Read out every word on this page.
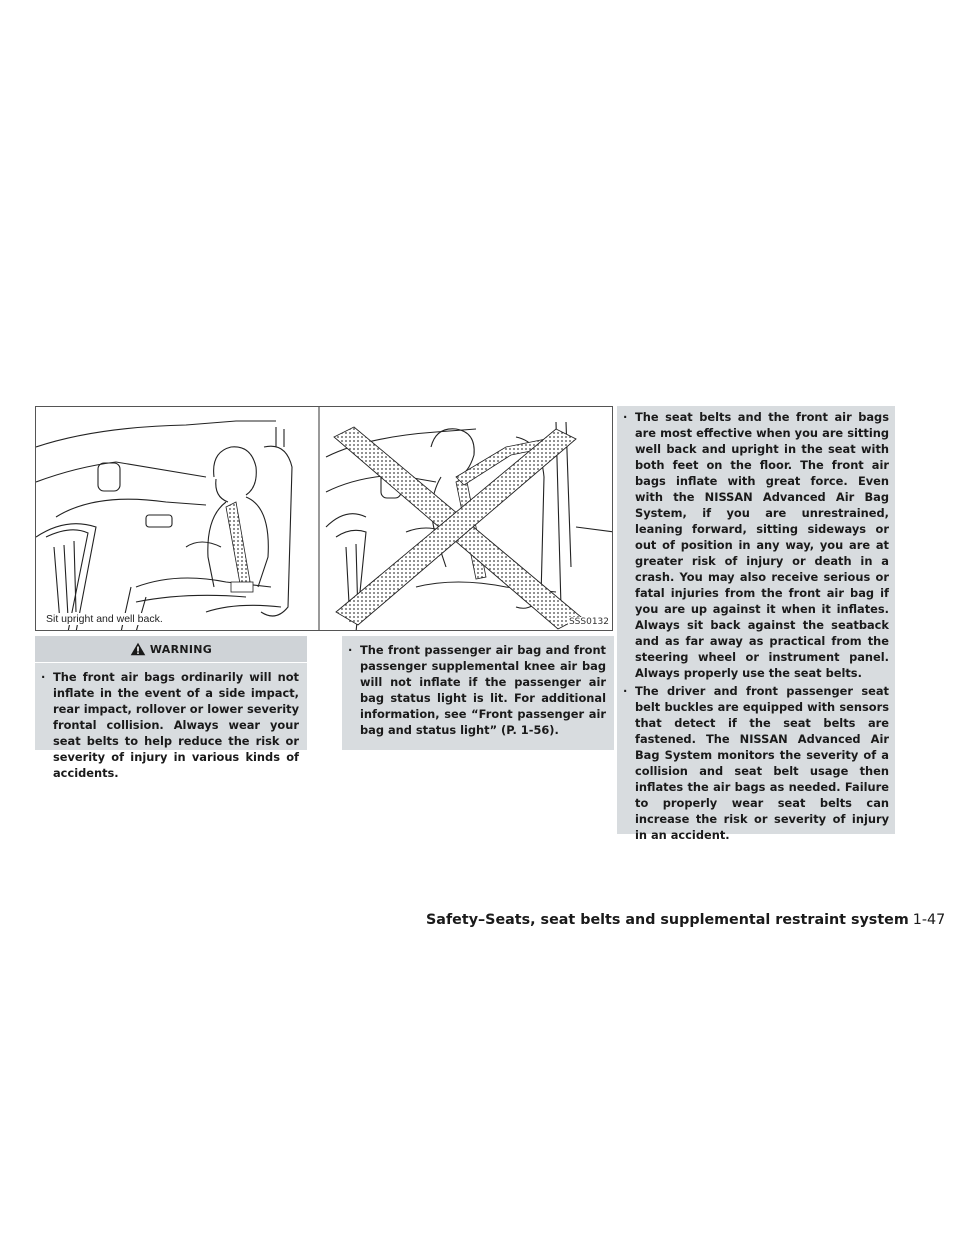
Sit upright and well back.	SSS0132
WARNING
· The front air bags ordinarily will not inflate in the event of a side impact, rear impact, rollover or lower severity frontal collision. Always wear your seat belts to help reduce the risk or severity of injury in various kinds of accidents.
· The front passenger air bag and front passenger supplemental knee air bag will not inflate if the passenger air bag status light is lit. For additional information, see “Front passenger air bag and status light” (P. 1-56).
· The seat belts and the front air bags are most effective when you are sitting well back and upright in the seat with both feet on the floor. The front air bags inflate with great force. Even with the NISSAN Advanced Air Bag System, if you are unrestrained, leaning forward, sitting sideways or out of position in any way, you are at greater risk of injury or death in a crash. You may also receive serious or fatal injuries from the front air bag if you are up against it when it inflates. Always sit back against the seatback and as far away as practical from the steering wheel or instrument panel. Always properly use the seat belts.
· The driver and front passenger seat belt buckles are equipped with sensors that detect if the seat belts are fastened. The NISSAN Advanced Air Bag System monitors the severity of a collision and seat belt usage then inflates the air bags as needed. Failure to properly wear seat belts can increase the risk or severity of injury in an accident.
Safety–Seats, seat belts and supplemental restraint system 1-47
